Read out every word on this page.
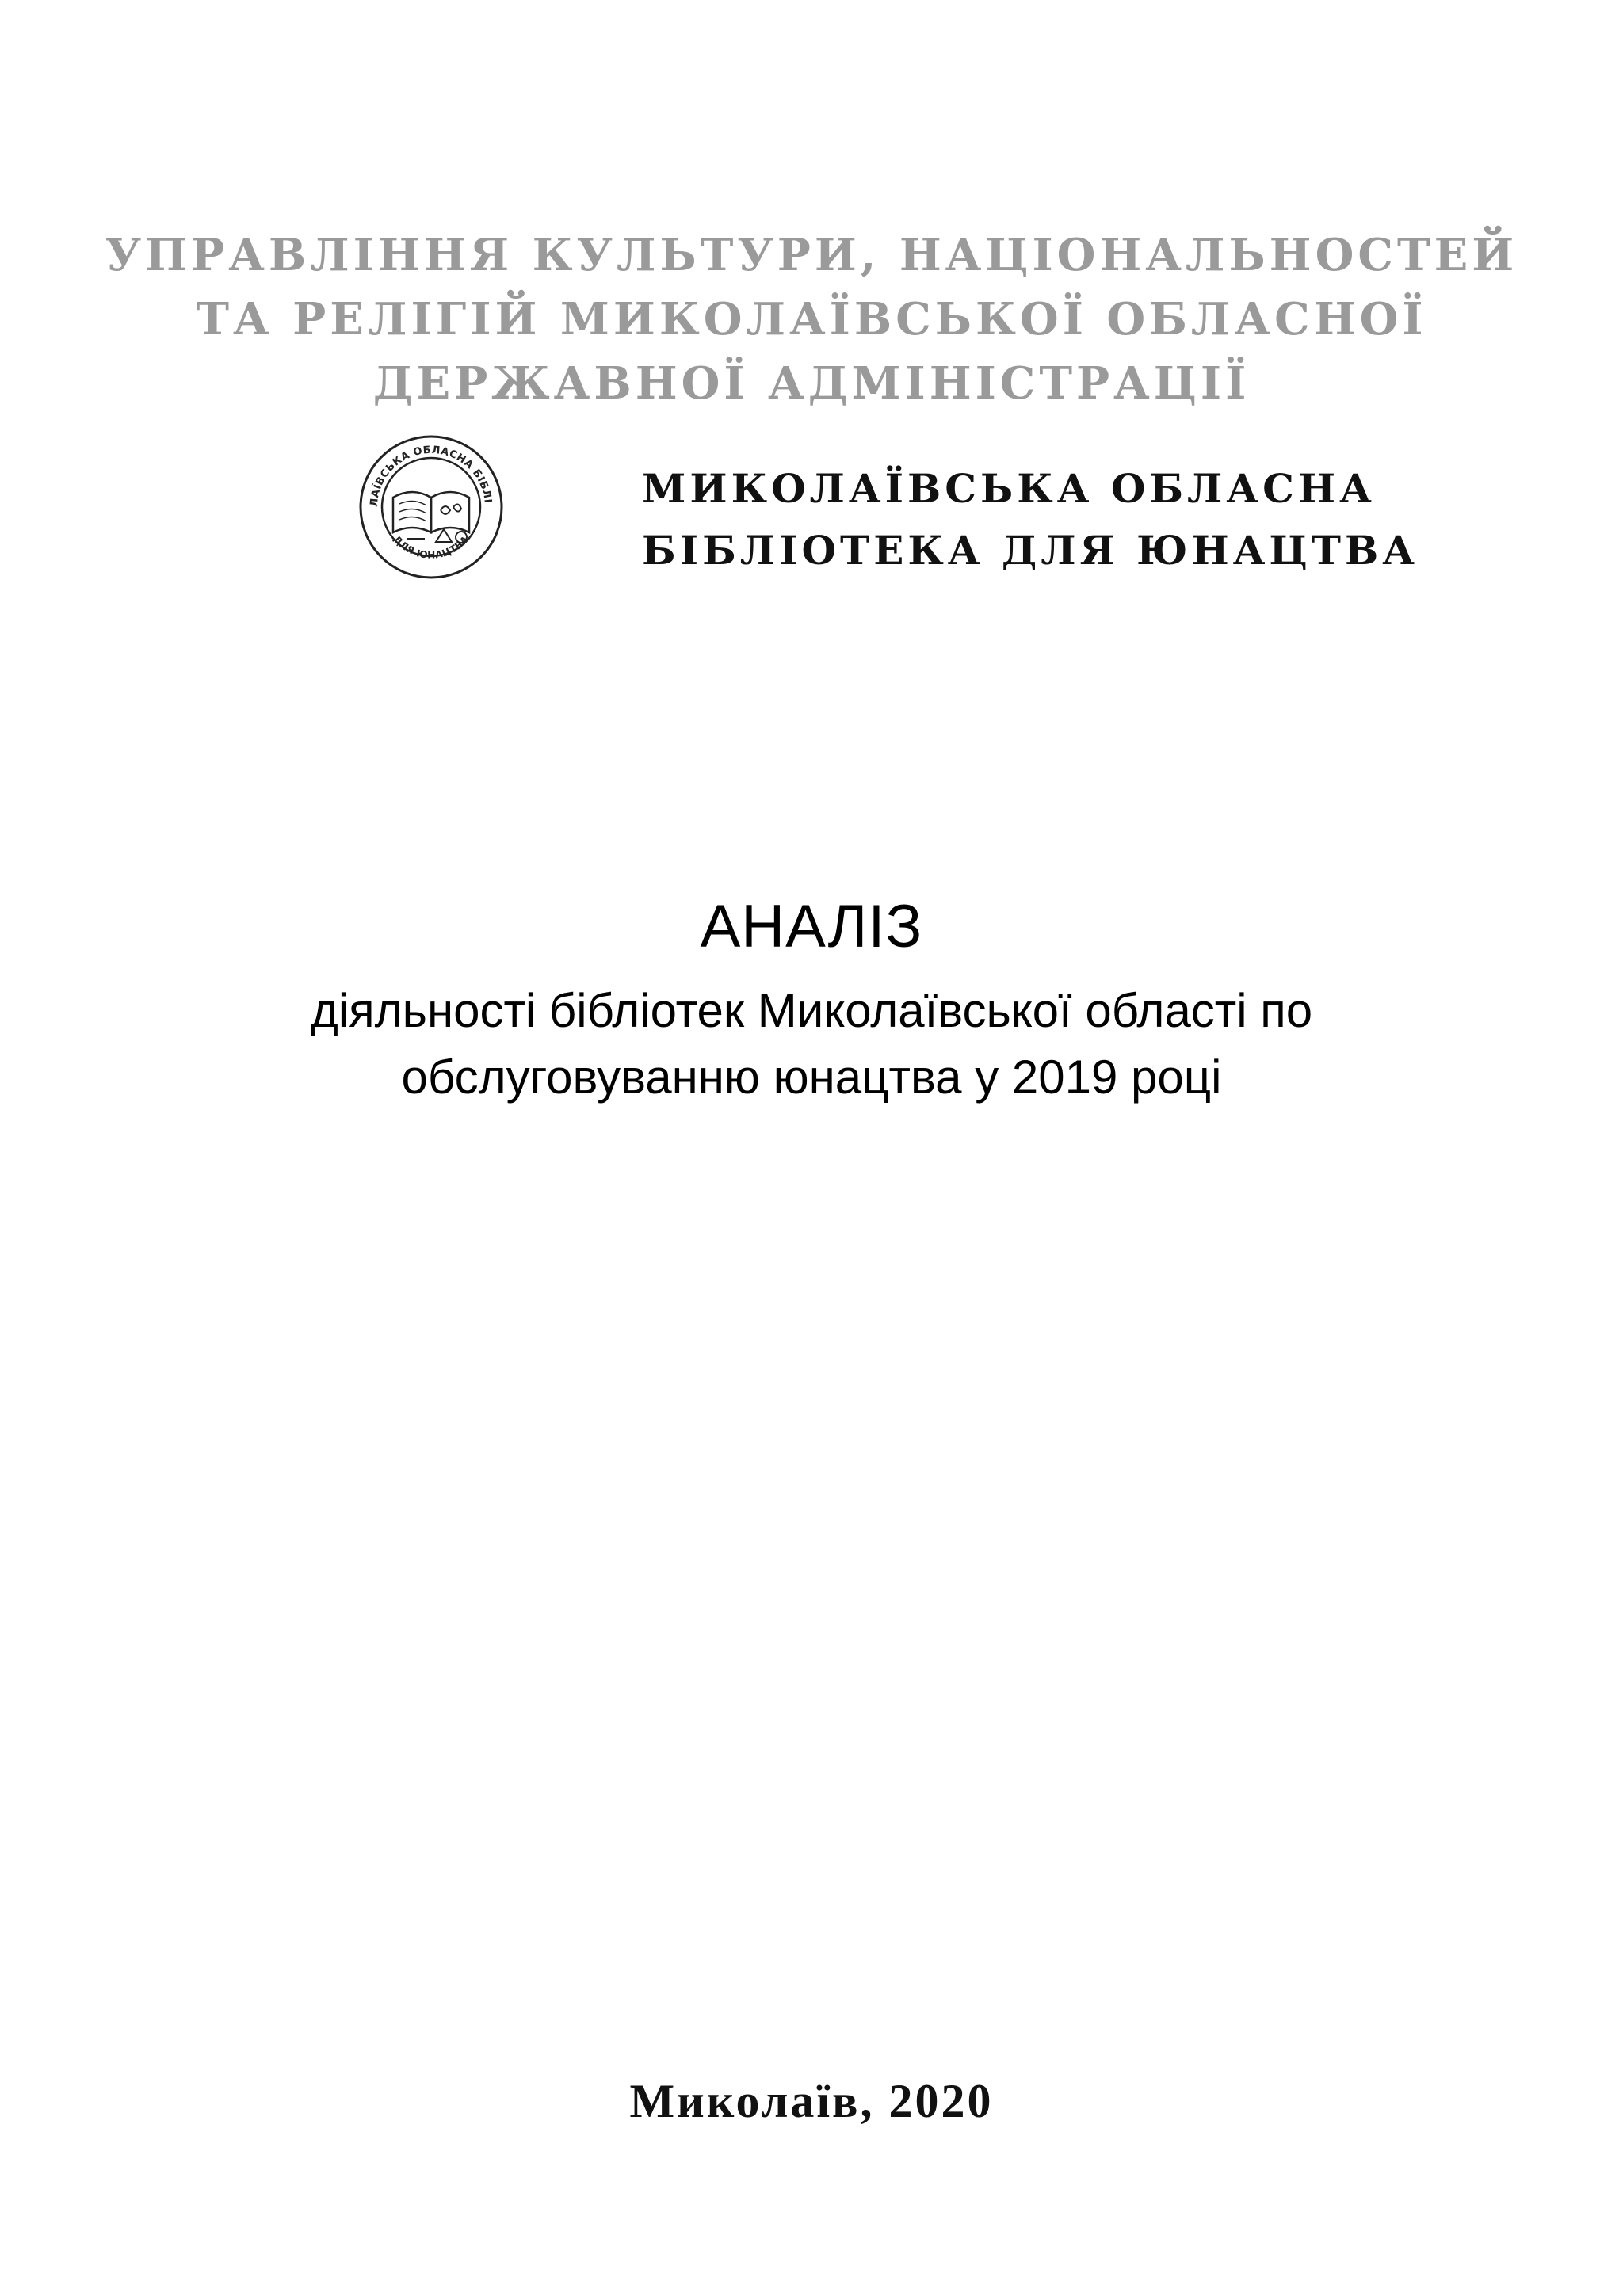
УПРАВЛІННЯ КУЛЬТУРИ, НАЦІОНАЛЬНОСТЕЙ
ТА РЕЛІГІЙ МИКОЛАЇВСЬКОЇ ОБЛАСНОЇ
ДЕРЖАВНОЇ АДМІНІСТРАЦІЇ
ЛАЇВСЬКА ОБЛАСНА БІБЛІ
ДЛЯ ЮНАЦТВА
МИКОЛАЇВСЬКА ОБЛАСНА
БІБЛІОТЕКА ДЛЯ ЮНАЦТВА
АНАЛІЗ
діяльності бібліотек Миколаївської області по
обслуговуванню юнацтва у 2019 році
Миколаїв, 2020
